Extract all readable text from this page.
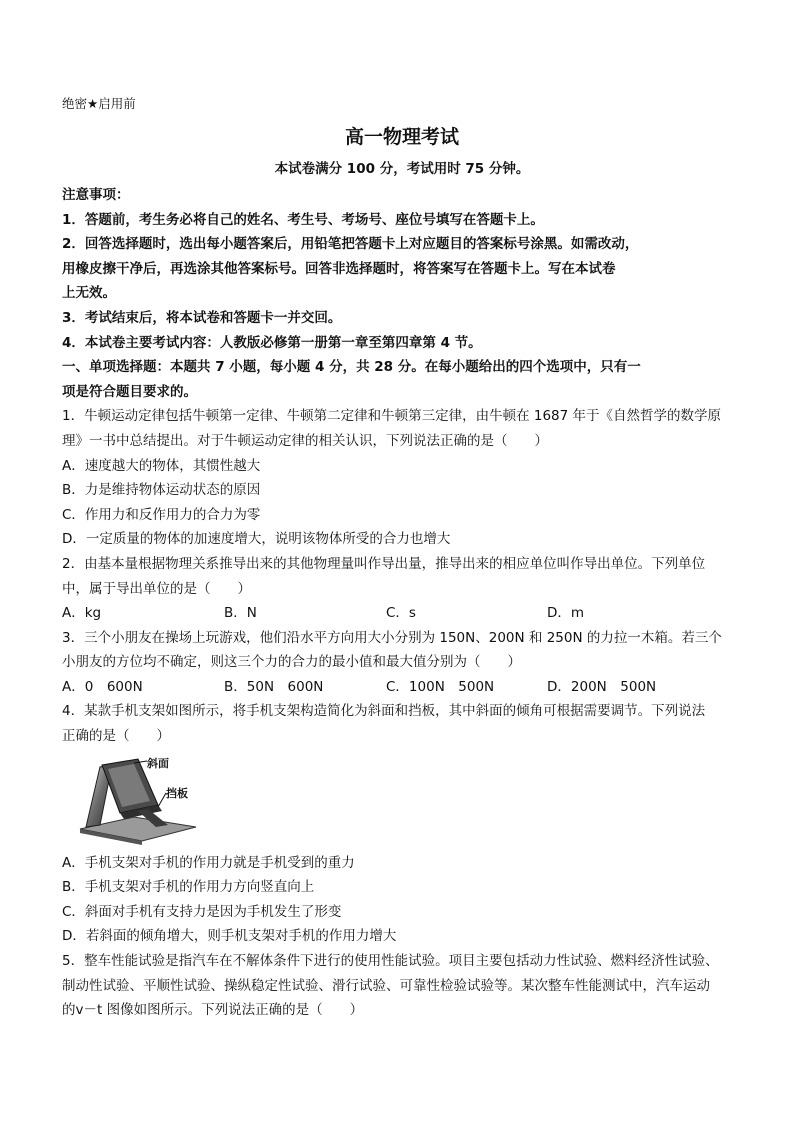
绝密★启用前
高一物理考试
本试卷满分 100 分，考试用时 75 分钟。
注意事项：
1．答题前，考生务必将自己的姓名、考生号、考场号、座位号填写在答题卡上。
2．回答选择题时，选出每小题答案后，用铅笔把答题卡上对应题目的答案标号涂黑。如需改动，
用橡皮擦干净后，再选涂其他答案标号。回答非选择题时，将答案写在答题卡上。写在本试卷
上无效。
3．考试结束后，将本试卷和答题卡一并交回。
4．本试卷主要考试内容：人教版必修第一册第一章至第四章第 4 节。
一、单项选择题：本题共 7 小题，每小题 4 分，共 28 分。在每小题给出的四个选项中，只有一
项是符合题目要求的。
1．牛顿运动定律包括牛顿第一定律、牛顿第二定律和牛顿第三定律，由牛顿在 1687 年于《自然哲学的数学原
理》一书中总结提出。对于牛顿运动定律的相关认识，下列说法正确的是（　　）
A．速度越大的物体，其惯性越大
B．力是维持物体运动状态的原因
C．作用力和反作用力的合力为零
D．一定质量的物体的加速度增大，说明该物体所受的合力也增大
2．由基本量根据物理关系推导出来的其他物理量叫作导出量，推导出来的相应单位叫作导出单位。下列单位
中，属于导出单位的是（　　）
A．kg	B．N	C．s	D．m
3．三个小朋友在操场上玩游戏，他们沿水平方向用大小分别为 150N、200N 和 250N 的力拉一木箱。若三个
小朋友的方位均不确定，则这三个力的合力的最小值和最大值分别为（　　）
A．0　600N	B．50N　600N	C．100N　500N	D．200N　500N
4．某款手机支架如图所示，将手机支架构造简化为斜面和挡板，其中斜面的倾角可根据需要调节。下列说法
正确的是（　　）
斜面
挡板
A．手机支架对手机的作用力就是手机受到的重力
B．手机支架对手机的作用力方向竖直向上
C．斜面对手机有支持力是因为手机发生了形变
D．若斜面的倾角增大，则手机支架对手机的作用力增大
5．整车性能试验是指汽车在不解体条件下进行的使用性能试验。项目主要包括动力性试验、燃料经济性试验、
制动性试验、平顺性试验、操纵稳定性试验、滑行试验、可靠性检验试验等。某次整车性能测试中，汽车运动
的v－t 图像如图所示。下列说法正确的是（　　）
